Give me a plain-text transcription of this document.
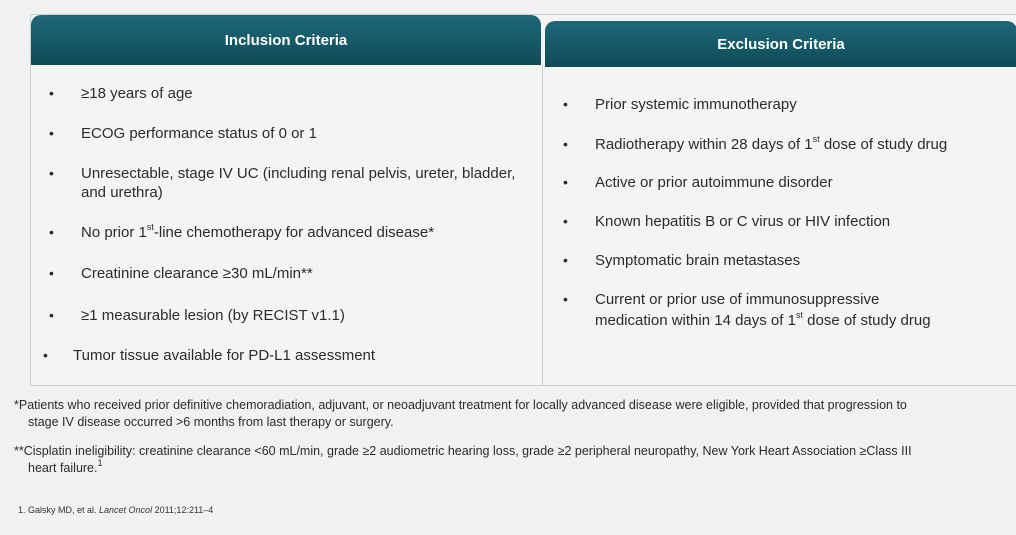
Inclusion Criteria	Exclusion Criteria
• ≥18 years of age
• ECOG performance status of 0 or 1
• Unresectable, stage IV UC (including renal pelvis, ureter, bladder,
and urethra)
• No prior 1st-line chemotherapy for advanced disease*
• Creatinine clearance ≥30 mL/min**
• ≥1 measurable lesion (by RECIST v1.1)
• Tumor tissue available for PD-L1 assessment
• Prior systemic immunotherapy
• Radiotherapy within 28 days of 1st dose of study drug
• Active or prior autoimmune disorder
• Known hepatitis B or C virus or HIV infection
• Symptomatic brain metastases
• Current or prior use of immunosuppressive
medication within 14 days of 1st dose of study drug
*Patients who received prior definitive chemoradiation, adjuvant, or neoadjuvant treatment for locally advanced disease were eligible, provided that progression to
stage IV disease occurred >6 months from last therapy or surgery.
**Cisplatin ineligibility: creatinine clearance <60 mL/min, grade ≥2 audiometric hearing loss, grade ≥2 peripheral neuropathy, New York Heart Association ≥Class III
heart failure.$^1$
1. Galsky MD, et al. Lancet Oncol 2011;12:211–4
